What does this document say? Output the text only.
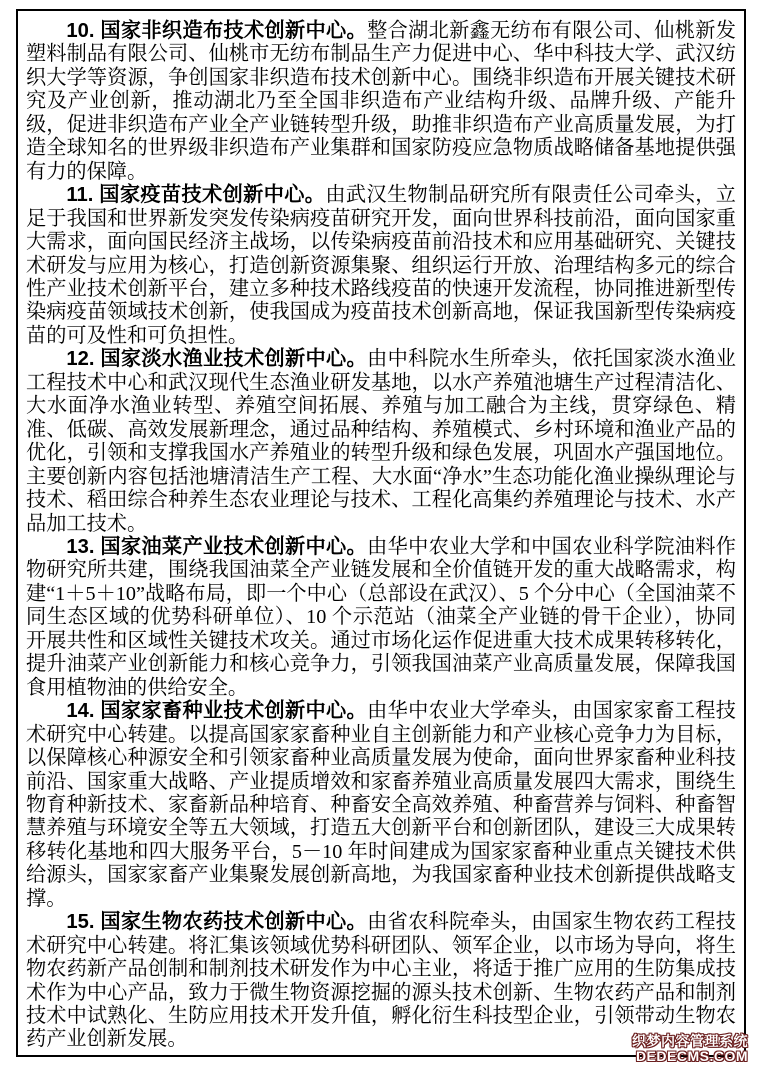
10. 国家非织造布技术创新中心。整合湖北新鑫无纺布有限公司、仙桃新发塑料制品有限公司、仙桃市无纺布制品生产力促进中心、华中科技大学、武汉纺织大学等资源，争创国家非织造布技术创新中心。围绕非织造布开展关键技术研究及产业创新，推动湖北乃至全国非织造布产业结构升级、品牌升级、产能升级，促进非织造布产业全产业链转型升级，助推非织造布产业高质量发展，为打造全球知名的世界级非织造布产业集群和国家防疫应急物质战略储备基地提供强有力的保障。

11. 国家疫苗技术创新中心。由武汉生物制品研究所有限责任公司牵头，立足于我国和世界新发突发传染病疫苗研究开发，面向世界科技前沿，面向国家重大需求，面向国民经济主战场，以传染病疫苗前沿技术和应用基础研究、关键技术研发与应用为核心，打造创新资源集聚、组织运行开放、治理结构多元的综合性产业技术创新平台，建立多种技术路线疫苗的快速开发流程，协同推进新型传染病疫苗领域技术创新，使我国成为疫苗技术创新高地，保证我国新型传染病疫苗的可及性和可负担性。

12. 国家淡水渔业技术创新中心。由中科院水生所牵头，依托国家淡水渔业工程技术中心和武汉现代生态渔业研发基地，以水产养殖池塘生产过程清洁化、大水面净水渔业转型、养殖空间拓展、养殖与加工融合为主线，贯穿绿色、精准、低碳、高效发展新理念，通过品种结构、养殖模式、乡村环境和渔业产品的优化，引领和支撑我国水产养殖业的转型升级和绿色发展，巩固水产强国地位。主要创新内容包括池塘清洁生产工程、大水面“净水”生态功能化渔业操纵理论与技术、稻田综合种养生态农业理论与技术、工程化高集约养殖理论与技术、水产品加工技术。

13. 国家油菜产业技术创新中心。由华中农业大学和中国农业科学院油料作物研究所共建，围绕我国油菜全产业链发展和全价值链开发的重大战略需求，构建“1＋5＋10”战略布局，即一个中心（总部设在武汉）、5 个分中心（全国油菜不同生态区域的优势科研单位）、10 个示范站（油菜全产业链的骨干企业），协同开展共性和区域性关键技术攻关。通过市场化运作促进重大技术成果转移转化，提升油菜产业创新能力和核心竞争力，引领我国油菜产业高质量发展，保障我国食用植物油的供给安全。

14. 国家家畜种业技术创新中心。由华中农业大学牵头，由国家家畜工程技术研究中心转建。以提高国家家畜种业自主创新能力和产业核心竞争力为目标，以保障核心种源安全和引领家畜种业高质量发展为使命，面向世界家畜种业科技前沿、国家重大战略、产业提质增效和家畜养殖业高质量发展四大需求，围绕生物育种新技术、家畜新品种培育、种畜安全高效养殖、种畜营养与饲料、种畜智慧养殖与环境安全等五大领域，打造五大创新平台和创新团队，建设三大成果转移转化基地和四大服务平台，5－10 年时间建成为国家家畜种业重点关键技术供给源头，国家家畜产业集聚发展创新高地，为我国家畜种业技术创新提供战略支撑。

15. 国家生物农药技术创新中心。由省农科院牵头，由国家生物农药工程技术研究中心转建。将汇集该领域优势科研团队、领军企业，以市场为导向，将生物农药新产品创制和制剂技术研发作为中心主业，将适于推广应用的生防集成技术作为中心产品，致力于微生物资源挖掘的源头技术创新、生物农药产品和制剂技术中试熟化、生防应用技术开发升值，孵化衍生科技型企业，引领带动生物农药产业创新发展。	织梦内容管理系统
DEDECMS.COM
